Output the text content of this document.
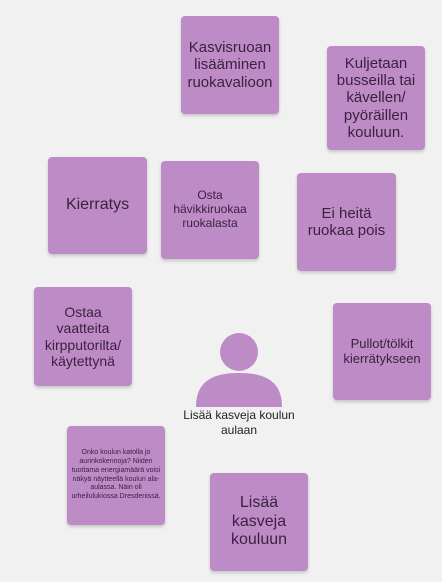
Kasvisruoan lisääminen ruokavalioon
Kuljetaan busseilla tai kävellen/ pyöräillen kouluun.
Kierratys
Osta hävikkiruokaa ruokalasta
Ei heitä ruokaa pois
Ostaa vaatteita kirpputorilta/ käytettynä
Pullot/tölkit kierrätykseen
Onko koulun katolla jo aurinkokennoja? Niiden tuottama energiamäärä voisi näkyä näytteellä koulun ala-aulassa. Näin oli urheilulukiossa Dresdenissä.	Lisää kasveja kouluun
Lisää kasveja koulun aulaan
